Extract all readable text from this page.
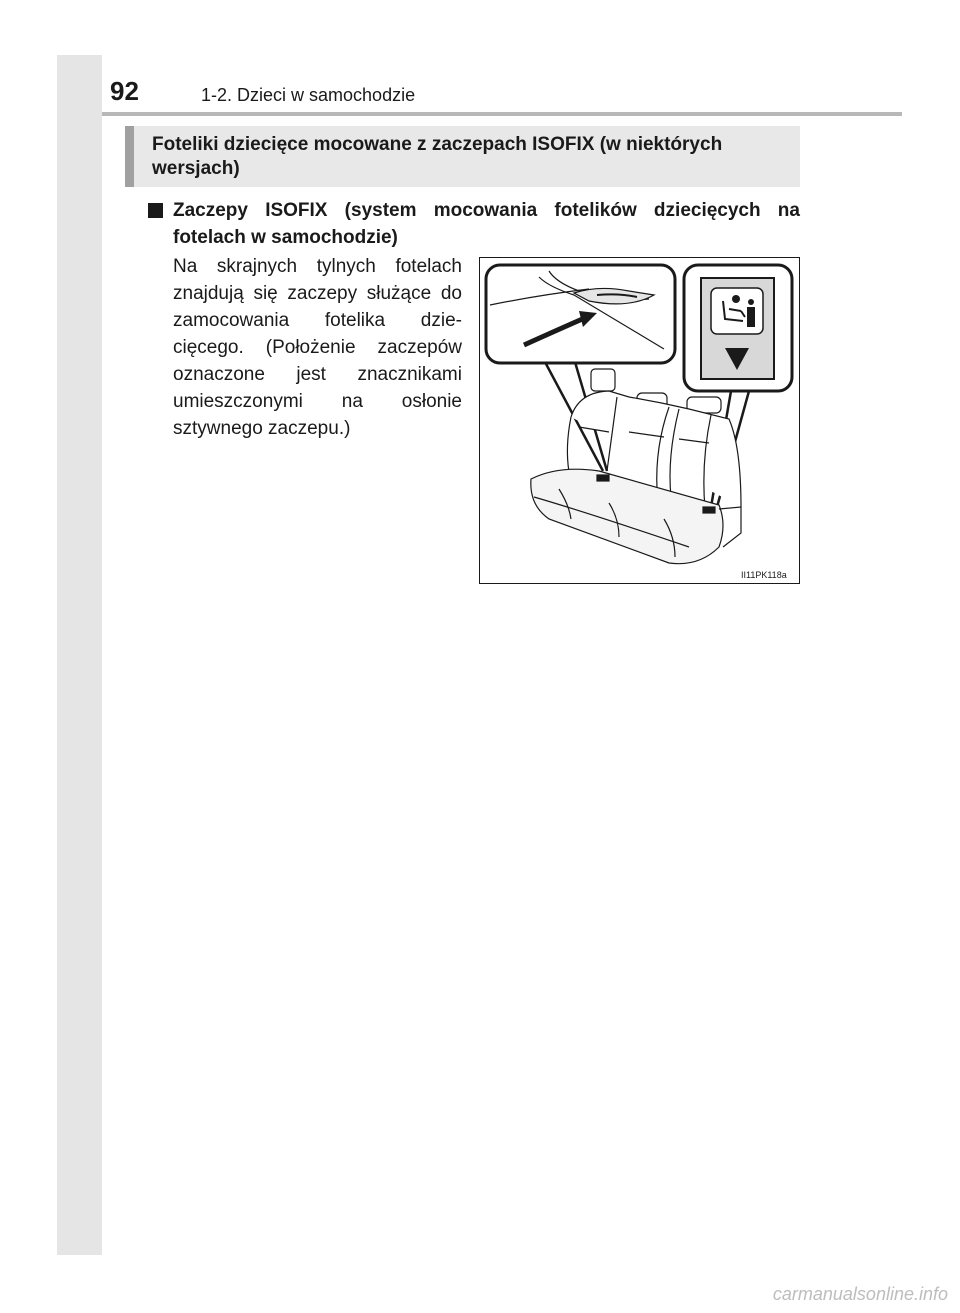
92	1-2. Dzieci w samochodzie
Foteliki dziecięce mocowane z zaczepach ISOFIX (w niektórych wersjach)
Zaczepy ISOFIX (system mocowania fotelików dziecięcych na fotelach w samochodzie)
Na skrajnych tylnych fotelach znajdują się zaczepy służące do zamocowania fotelika dzie-cięcego. (Położenie zaczepów oznaczone jest znacznikami umieszczonymi na osłonie sztywnego zaczepu.)
II11PK118a
carmanualsonline.info
